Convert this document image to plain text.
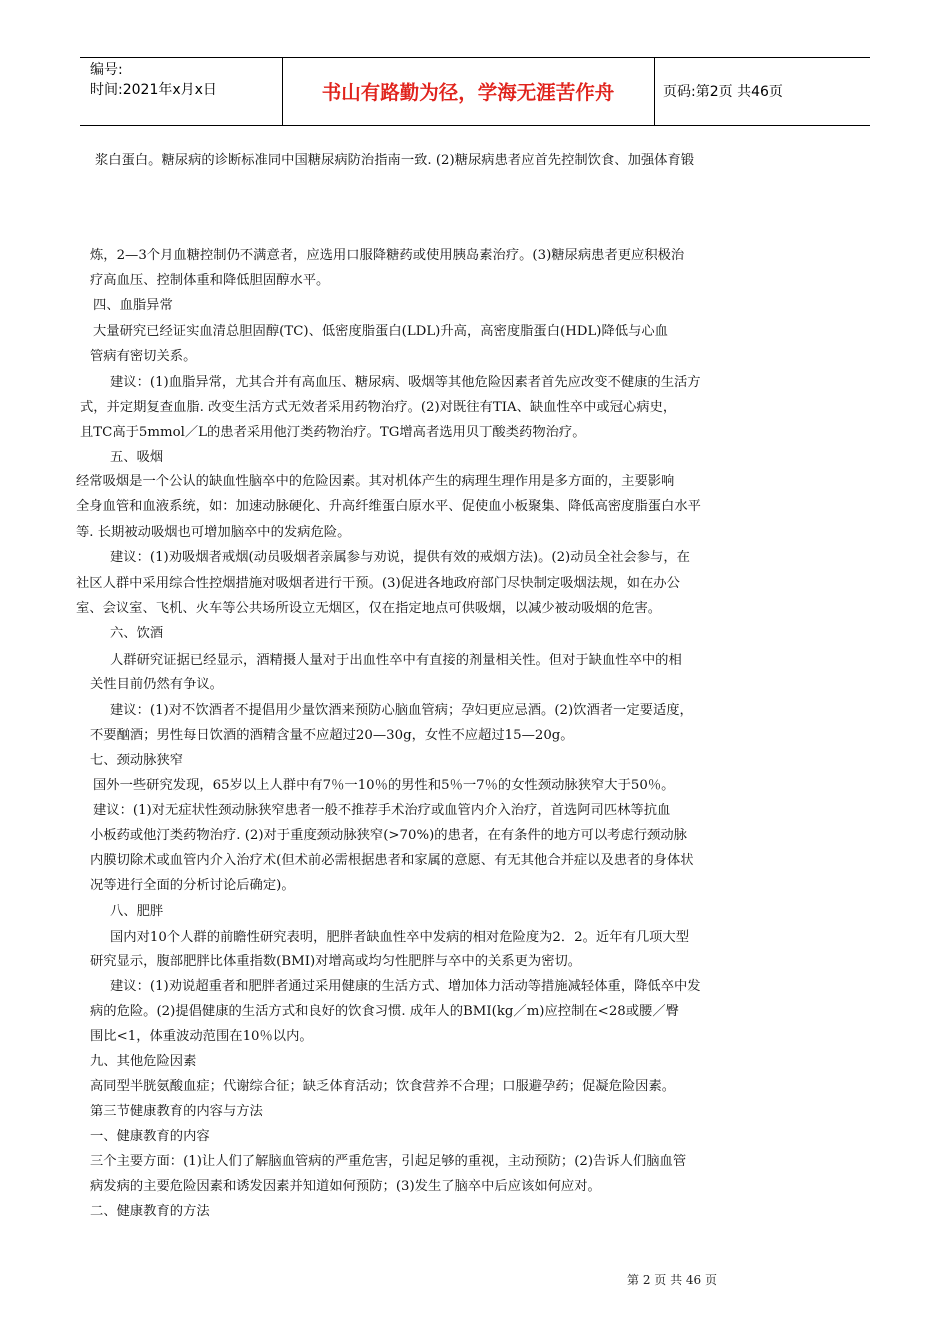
编号:
时间:2021年x月x日	书山有路勤为径，学海无涯苦作舟	页码:第2页 共46页
浆白蛋白。糖尿病的诊断标准同中国糖尿病防治指南一致. (2)糖尿病患者应首先控制饮食、加强体育锻
炼，2—3个月血糖控制仍不满意者，应选用口服降糖药或使用胰岛素治疗。(3)糖尿病患者更应积极治
疗高血压、控制体重和降低胆固醇水平。
四、血脂异常
大量研究已经证实血清总胆固醇(TC)、低密度脂蛋白(LDL)升高，高密度脂蛋白(HDL)降低与心血
管病有密切关系。
建议：(1)血脂异常，尤其合并有高血压、糖尿病、吸烟等其他危险因素者首先应改变不健康的生活方
式，并定期复查血脂. 改变生活方式无效者采用药物治疗。(2)对既往有TIA、缺血性卒中或冠心病史，
且TC高于5mmol／L的患者采用他汀类药物治疗。TG增高者选用贝丁酸类药物治疗。
五、吸烟
经常吸烟是一个公认的缺血性脑卒中的危险因素。其对机体产生的病理生理作用是多方面的，主要影响
全身血管和血液系统，如：加速动脉硬化、升高纤维蛋白原水平、促使血小板聚集、降低高密度脂蛋白水平
等. 长期被动吸烟也可增加脑卒中的发病危险。
建议：(1)劝吸烟者戒烟(动员吸烟者亲属参与劝说，提供有效的戒烟方法)。(2)动员全社会参与，在
社区人群中采用综合性控烟措施对吸烟者进行干预。(3)促进各地政府部门尽快制定吸烟法规，如在办公
室、会议室、飞机、火车等公共场所设立无烟区，仅在指定地点可供吸烟，以减少被动吸烟的危害。
六、饮酒
人群研究证据已经显示，酒精摄人量对于出血性卒中有直接的剂量相关性。但对于缺血性卒中的相
关性目前仍然有争议。
建议：(1)对不饮酒者不提倡用少量饮酒来预防心脑血管病；孕妇更应忌酒。(2)饮酒者一定要适度，
不要酗酒；男性每日饮酒的酒精含量不应超过20—30g，女性不应超过15—20g。
七、颈动脉狭窄
国外一些研究发现，65岁以上人群中有7％一10％的男性和5％一7％的女性颈动脉狭窄大于50％。
建议：(1)对无症状性颈动脉狭窄患者一般不推荐手术治疗或血管内介入治疗，首选阿司匹林等抗血
小板药或他汀类药物治疗. (2)对于重度颈动脉狭窄(>70%)的患者，在有条件的地方可以考虑行颈动脉
内膜切除术或血管内介入治疗术(但术前必需根据患者和家属的意愿、有无其他合并症以及患者的身体状
况等进行全面的分析讨论后确定)。
八、肥胖
国内对10个人群的前瞻性研究表明，肥胖者缺血性卒中发病的相对危险度为2．2。近年有几项大型
研究显示，腹部肥胖比体重指数(BMI)对增高或均匀性肥胖与卒中的关系更为密切。
建议：(1)劝说超重者和肥胖者通过采用健康的生活方式、增加体力活动等措施减轻体重，降低卒中发
病的危险。(2)提倡健康的生活方式和良好的饮食习惯. 成年人的BMI(kg／m)应控制在<28或腰／臀
围比<1，体重波动范围在10％以内。
九、其他危险因素
高同型半胱氨酸血症；代谢综合征；缺乏体育活动；饮食营养不合理；口服避孕药；促凝危险因素。
第三节健康教育的内容与方法
一、健康教育的内容
三个主要方面：(1)让人们了解脑血管病的严重危害，引起足够的重视，主动预防；(2)告诉人们脑血管
病发病的主要危险因素和诱发因素并知道如何预防；(3)发生了脑卒中后应该如何应对。
二、健康教育的方法
第 2 页 共 46 页
